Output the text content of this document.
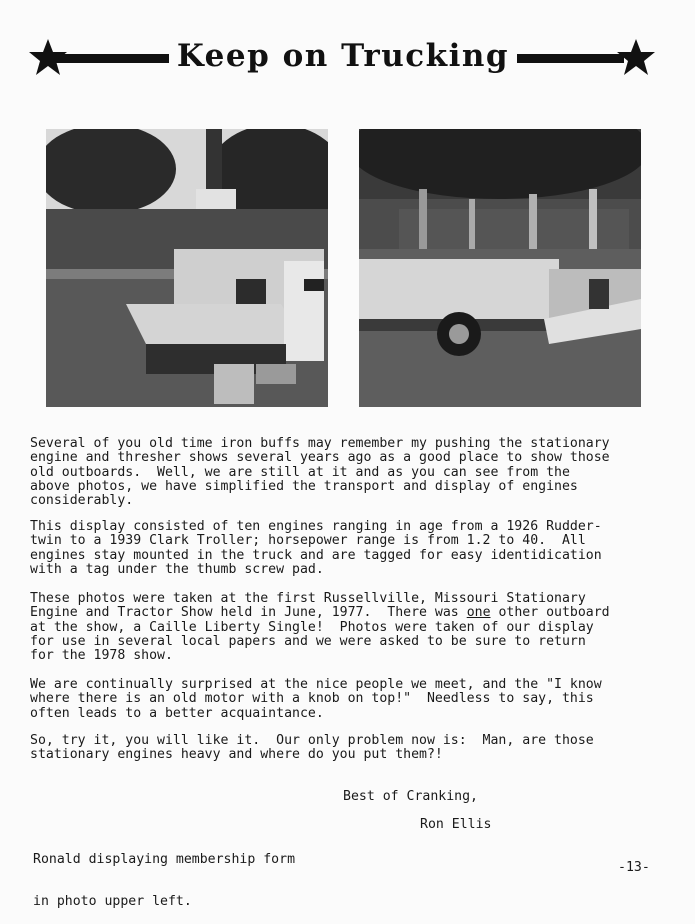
Keep on Trucking

Several of you old time iron buffs may remember my pushing the stationary

engine and thresher shows several years ago as a good place to show those

old outboards.  Well, we are still at it and as you can see from the

above photos, we have simplified the transport and display of engines

considerably.

This display consisted of ten engines ranging in age from a 1926 Rudder-

twin to a 1939 Clark Troller; horsepower range is from 1.2 to 40.  All

engines stay mounted in the truck and are tagged for easy identidication

with a tag under the thumb screw pad.

These photos were taken at the first Russellville, Missouri Stationary

Engine and Tractor Show held in June, 1977.  There was one other outboard

at the show, a Caille Liberty Single!  Photos were taken of our display

for use in several local papers and we were asked to be sure to return

for the 1978 show.

We are continually surprised at the nice people we meet, and the "I know

where there is an old motor with a knob on top!"  Needless to say, this

often leads to a better acquaintance.

So, try it, you will like it.  Our only problem now is:  Man, are those

stationary engines heavy and where do you put them?!

Best of Cranking,
Ron Ellis

Ronald displaying membership form

in photo upper left.

-13-
